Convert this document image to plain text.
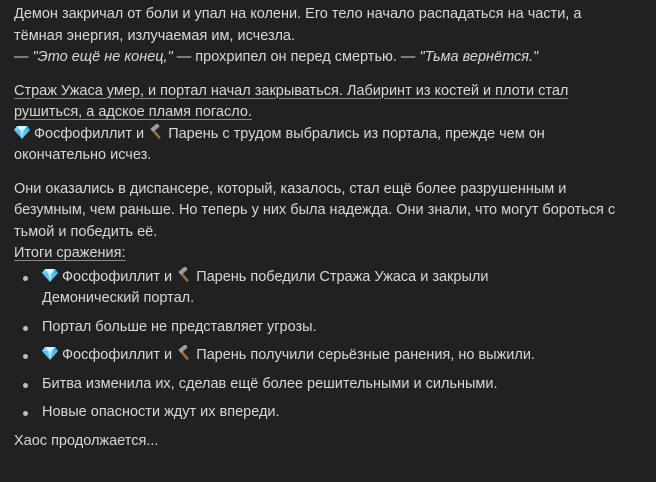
Демон закричал от боли и упал на колени. Его тело начало распадаться на части, а
тёмная энергия, излучаемая им, исчезла.
— "Это ещё не конец," — прохрипел он перед смертью. — "Тьма вернётся."

Страж Ужаса умер, и портал начал закрываться. Лабиринт из костей и плоти стал
рушиться, а адское пламя погасло.
Фосфофиллит и Парень с трудом выбрались из портала, прежде чем он
окончательно исчез.

Они оказались в диспансере, который, казалось, стал ещё более разрушенным и
безумным, чем раньше. Но теперь у них была надежда. Они знали, что могут бороться с
тьмой и победить её.

Итоги сражения:

Фосфофиллит и Парень победили Стража Ужаса и закрыли
Демонический портал.
Портал больше не представляет угрозы.
Фосфофиллит и Парень получили серьёзные ранения, но выжили.
Битва изменила их, сделав ещё более решительными и сильными.
Новые опасности ждут их впереди.

Хаос продолжается...
